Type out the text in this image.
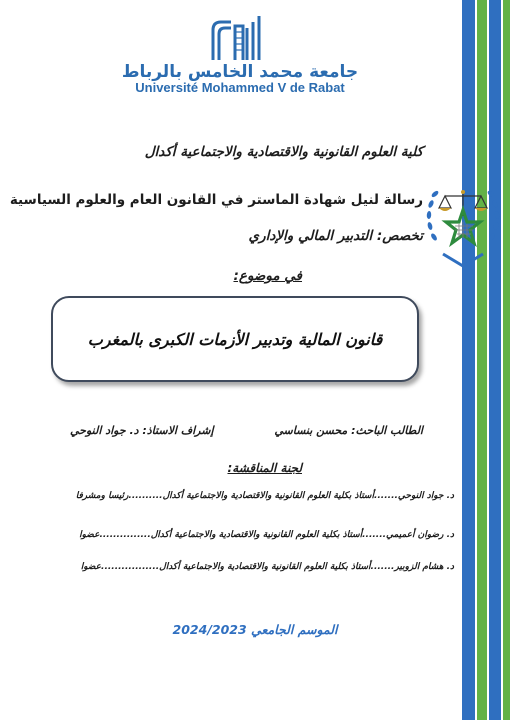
جامعة محمد الخامس بالرباط
Université Mohammed V de Rabat
كلية العلوم القانونية والاقتصادية والاجتماعية أكدال
رسالة لنيل شهادة الماستر في القانون العام والعلوم السياسية
تخصص: التدبير المالي والإداري
في موضوع:
قانون المالية وتدبير الأزمات الكبرى بالمغرب
الطالب الباحث: محسن بنساسي
إشراف الاستاذ: د. جواد النوحي
لجنة المناقشة:
د. جواد النوحي.......أستاذ بكلية العلوم القانونية والاقتصادية والاجتماعية أكدال..........رئيسا ومشرفا
د. رضوان أعميمي.......أستاذ بكلية العلوم القانونية والاقتصادية والاجتماعية أكدال...............عضوا
د. هشام الزوبير.......أستاذ بكلية العلوم القانونية والاقتصادية والاجتماعية أكدال.................عضوا
الموسم الجامعي 2024/2023
